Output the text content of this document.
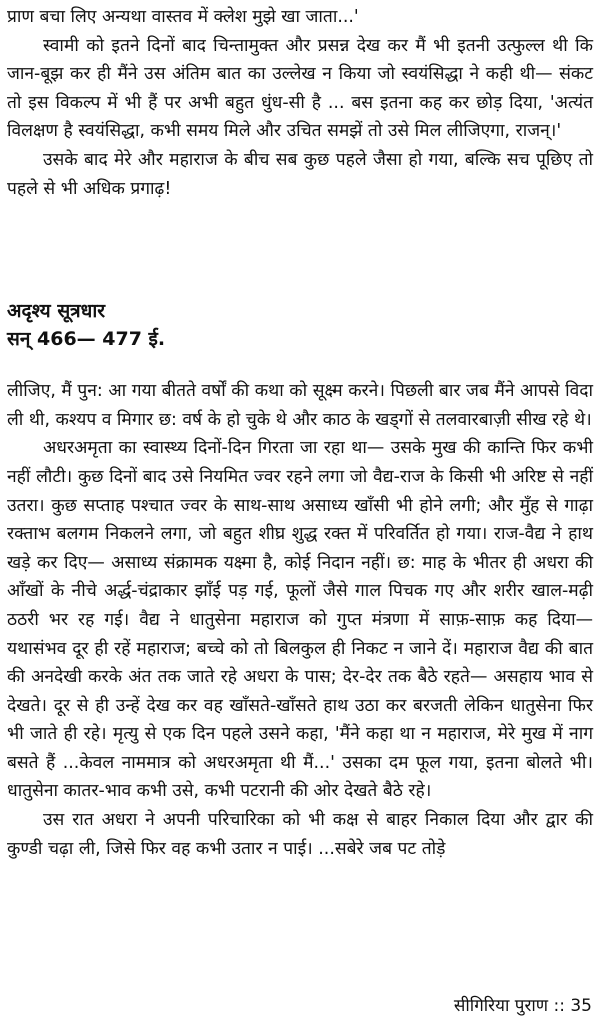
प्राण बचा लिए अन्यथा वास्तव में क्लेश मुझे खा जाता...'

स्वामी को इतने दिनों बाद चिन्तामुक्त और प्रसन्न देख कर मैं भी इतनी उत्फुल्ल थी कि जान-बूझ कर ही मैंने उस अंतिम बात का उल्लेख न किया जो स्वयंसिद्धा ने कही थी— संकट तो इस विकल्प में भी हैं पर अभी बहुत धुंध-सी है ... बस इतना कह कर छोड़ दिया, 'अत्यंत विलक्षण है स्वयंसिद्धा, कभी समय मिले और उचित समझें तो उसे मिल लीजिएगा, राजन्।'

उसके बाद मेरे और महाराज के बीच सब कुछ पहले जैसा हो गया, बल्कि सच पूछिए तो पहले से भी अधिक प्रगाढ़!

अदृश्य सूत्रधार
सन् 466— 477 ई.

लीजिए, मैं पुन: आ गया बीतते वर्षों की कथा को सूक्ष्म करने। पिछली बार जब मैंने आपसे विदा ली थी, कश्यप व मिगार छ: वर्ष के हो चुके थे और काठ के खड्गों से तलवारबाज़ी सीख रहे थे।

अधरअमृता का स्वास्थ्य दिनों-दिन गिरता जा रहा था— उसके मुख की कान्ति फिर कभी नहीं लौटी। कुछ दिनों बाद उसे नियमित ज्वर रहने लगा जो वैद्य-राज के किसी भी अरिष्ट से नहीं उतरा। कुछ सप्ताह पश्चात ज्वर के साथ-साथ असाध्य खाँसी भी होने लगी; और मुँह से गाढ़ा रक्ताभ बलगम निकलने लगा, जो बहुत शीघ्र शुद्ध रक्त में परिवर्तित हो गया। राज-वैद्य ने हाथ खड़े कर दिए— असाध्य संक्रामक यक्ष्मा है, कोई निदान नहीं। छ: माह के भीतर ही अधरा की आँखों के नीचे अर्द्ध-चंद्राकार झाँई पड़ गई, फूलों जैसे गाल पिचक गए और शरीर खाल-मढ़ी ठठरी भर रह गई। वैद्य ने धातुसेना महाराज को गुप्त मंत्रणा में साफ़-साफ़ कह दिया— यथासंभव दूर ही रहें महाराज; बच्चे को तो बिलकुल ही निकट न जाने दें। महाराज वैद्य की बात की अनदेखी करके अंत तक जाते रहे अधरा के पास; देर-देर तक बैठे रहते— असहाय भाव से देखते। दूर से ही उन्हें देख कर वह खाँसते-खाँसते हाथ उठा कर बरजती लेकिन धातुसेना फिर भी जाते ही रहे। मृत्यु से एक दिन पहले उसने कहा, 'मैंने कहा था न महाराज, मेरे मुख में नाग बसते हैं ...केवल नाममात्र को अधरअमृता थी मैं...' उसका दम फूल गया, इतना बोलते भी। धातुसेना कातर-भाव कभी उसे, कभी पटरानी की ओर देखते बैठे रहे।

उस रात अधरा ने अपनी परिचारिका को भी कक्ष से बाहर निकाल दिया और द्वार की कुण्डी चढ़ा ली, जिसे फिर वह कभी उतार न पाई। ...सबेरे जब पट तोड़े

सीगिरिया पुराण :: 35
